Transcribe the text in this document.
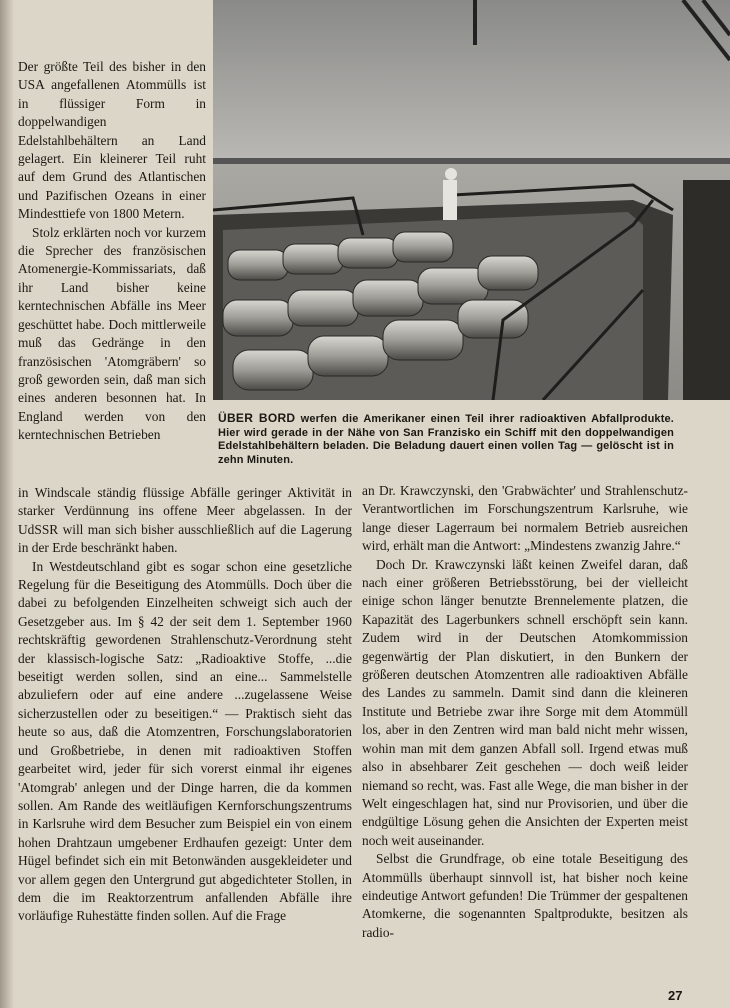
ÜBER BORD werfen die Amerikaner einen Teil ihrer radioaktiven Abfallprodukte. Hier wird gerade in der Nähe von San Franzisko ein Schiff mit den doppelwandigen Edelstahlbehältern beladen. Die Beladung dauert einen vollen Tag — gelöscht ist in zehn Minuten.

Der größte Teil des bisher in den USA angefallenen Atommülls ist in flüssiger Form in doppelwandigen Edelstahlbehältern an Land gelagert. Ein kleinerer Teil ruht auf dem Grund des Atlantischen und Pazifischen Ozeans in einer Mindesttiefe von 1800 Metern.

Stolz erklärten noch vor kurzem die Sprecher des französischen Atomenergie-Kommissariats, daß ihr Land bisher keine kerntechnischen Abfälle ins Meer geschüttet habe. Doch mittlerweile muß das Gedränge in den französischen 'Atomgräbern' so groß geworden sein, daß man sich eines anderen besonnen hat. In England werden von den kerntechnischen Betrieben

in Windscale ständig flüssige Abfälle geringer Aktivität in starker Verdünnung ins offene Meer abgelassen. In der UdSSR will man sich bisher ausschließlich auf die Lagerung in der Erde beschränkt haben.

In Westdeutschland gibt es sogar schon eine gesetzliche Regelung für die Beseitigung des Atommülls. Doch über die dabei zu befolgenden Einzelheiten schweigt sich auch der Gesetzgeber aus. Im § 42 der seit dem 1. September 1960 rechtskräftig gewordenen Strahlenschutz-Verordnung steht der klassisch-logische Satz: „Radioaktive Stoffe, ...die beseitigt werden sollen, sind an eine... Sammelstelle abzuliefern oder auf eine andere ...zugelassene Weise sicherzustellen oder zu beseitigen.“ — Praktisch sieht das heute so aus, daß die Atomzentren, Forschungslaboratorien und Großbetriebe, in denen mit radioaktiven Stoffen gearbeitet wird, jeder für sich vorerst einmal ihr eigenes 'Atomgrab' anlegen und der Dinge harren, die da kommen sollen. Am Rande des weitläufigen Kernforschungszentrums in Karlsruhe wird dem Besucher zum Beispiel ein von einem hohen Drahtzaun umgebener Erdhaufen gezeigt: Unter dem Hügel befindet sich ein mit Betonwänden ausgekleideter und vor allem gegen den Untergrund gut abgedichteter Stollen, in dem die im Reaktorzentrum anfallenden Abfälle ihre vorläufige Ruhestätte finden sollen. Auf die Frage

an Dr. Krawczynski, den 'Grabwächter' und Strahlenschutz-Verantwortlichen im Forschungszentrum Karlsruhe, wie lange dieser Lagerraum bei normalem Betrieb ausreichen wird, erhält man die Antwort: „Mindestens zwanzig Jahre.“

Doch Dr. Krawczynski läßt keinen Zweifel daran, daß nach einer größeren Betriebsstörung, bei der vielleicht einige schon länger benutzte Brennelemente platzen, die Kapazität des Lagerbunkers schnell erschöpft sein kann. Zudem wird in der Deutschen Atomkommission gegenwärtig der Plan diskutiert, in den Bunkern der größeren deutschen Atomzentren alle radioaktiven Abfälle des Landes zu sammeln. Damit sind dann die kleineren Institute und Betriebe zwar ihre Sorge mit dem Atommüll los, aber in den Zentren wird man bald nicht mehr wissen, wohin man mit dem ganzen Abfall soll. Irgend etwas muß also in absehbarer Zeit geschehen — doch weiß leider niemand so recht, was. Fast alle Wege, die man bisher in der Welt eingeschlagen hat, sind nur Provisorien, und über die endgültige Lösung gehen die Ansichten der Experten meist noch weit auseinander.

Selbst die Grundfrage, ob eine totale Beseitigung des Atommülls überhaupt sinnvoll ist, hat bisher noch keine eindeutige Antwort gefunden! Die Trümmer der gespaltenen Atomkerne, die sogenannten Spaltprodukte, besitzen als radio-

27
